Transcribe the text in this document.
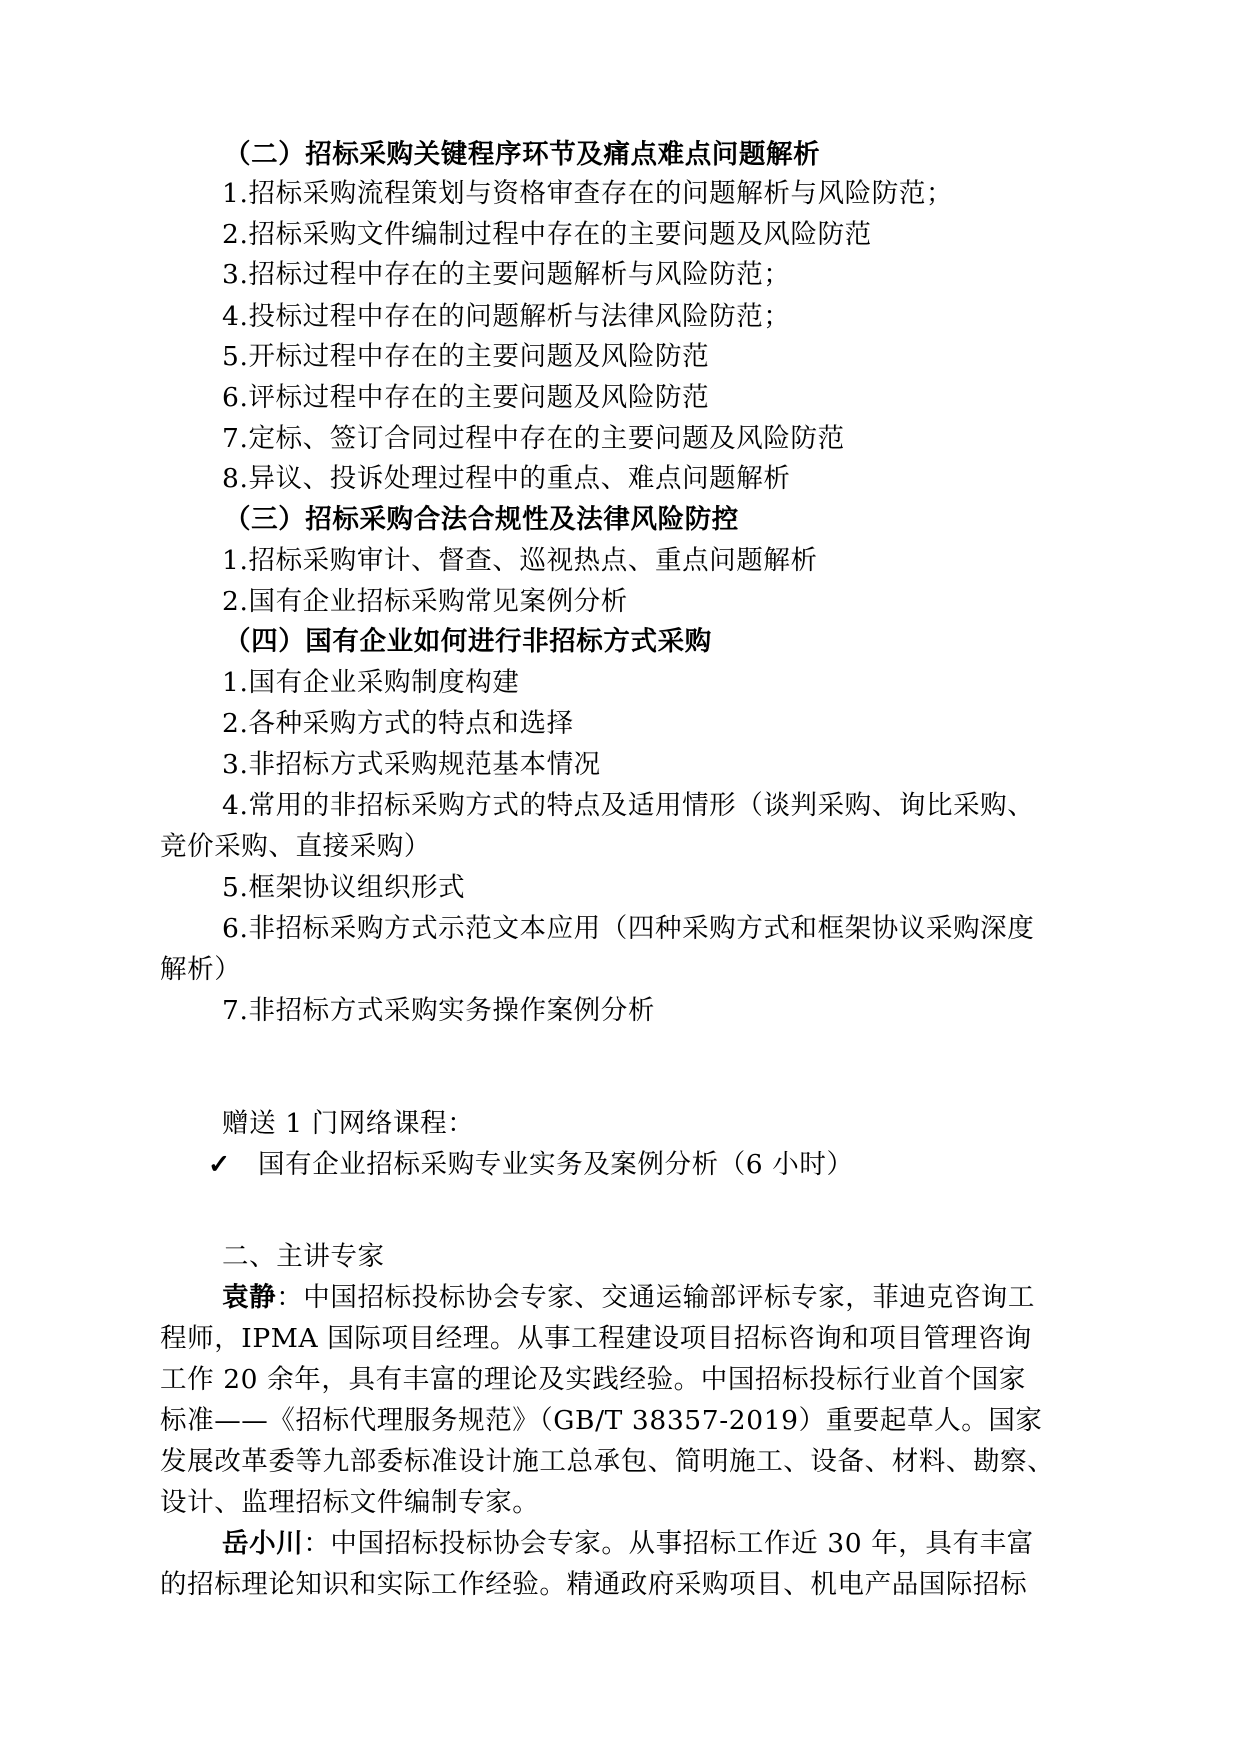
（二）招标采购关键程序环节及痛点难点问题解析
1.招标采购流程策划与资格审查存在的问题解析与风险防范；
2.招标采购文件编制过程中存在的主要问题及风险防范
3.招标过程中存在的主要问题解析与风险防范；
4.投标过程中存在的问题解析与法律风险防范；
5.开标过程中存在的主要问题及风险防范
6.评标过程中存在的主要问题及风险防范
7.定标、签订合同过程中存在的主要问题及风险防范
8.异议、投诉处理过程中的重点、难点问题解析
（三）招标采购合法合规性及法律风险防控
1.招标采购审计、督查、巡视热点、重点问题解析
2.国有企业招标采购常见案例分析
（四）国有企业如何进行非招标方式采购
1.国有企业采购制度构建
2.各种采购方式的特点和选择
3.非招标方式采购规范基本情况
4.常用的非招标采购方式的特点及适用情形（谈判采购、询比采购、
竞价采购、直接采购）
5.框架协议组织形式
6.非招标采购方式示范文本应用（四种采购方式和框架协议采购深度
解析）
7.非招标方式采购实务操作案例分析
赠送 1 门网络课程：
✓ 国有企业招标采购专业实务及案例分析（6 小时）
二、主讲专家
袁静：中国招标投标协会专家、交通运输部评标专家，菲迪克咨询工
程师，IPMA 国际项目经理。从事工程建设项目招标咨询和项目管理咨询
工作 20 余年，具有丰富的理论及实践经验。中国招标投标行业首个国家
标准——《招标代理服务规范》（GB/T 38357-2019）重要起草人。国家
发展改革委等九部委标准设计施工总承包、简明施工、设备、材料、勘察、
设计、监理招标文件编制专家。
岳小川：中国招标投标协会专家。从事招标工作近 30 年，具有丰富
的招标理论知识和实际工作经验。精通政府采购项目、机电产品国际招标
